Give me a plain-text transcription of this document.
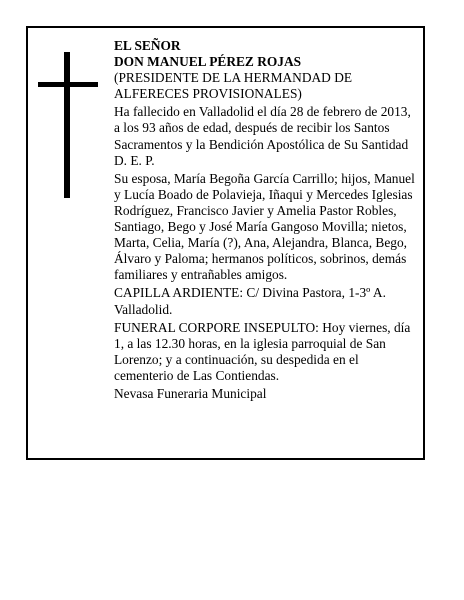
EL SEÑOR
DON MANUEL PÉREZ ROJAS
(PRESIDENTE DE LA HERMANDAD DE
ALFERECES PROVISIONALES)

Ha fallecido en Valladolid el día 28 de febrero de 2013, a los 93 años de edad, después de recibir los Santos Sacramentos y la Bendición Apostólica de Su Santidad D. E. P.

Su esposa, María Begoña García Carrillo; hijos, Manuel y Lucía Boado de Polavieja, Iñaqui y Mercedes Iglesias Rodríguez, Francisco Javier y Amelia Pastor Robles, Santiago, Bego y José María Gangoso Movilla; nietos, Marta, Celia, María (?), Ana, Alejandra, Blanca, Bego, Álvaro y Paloma; hermanos políticos, sobrinos, demás familiares y entrañables amigos.

CAPILLA ARDIENTE: C/ Divina Pastora, 1-3º A. Valladolid.

FUNERAL CORPORE INSEPULTO: Hoy viernes, día 1, a las 12.30 horas, en la iglesia parroquial de San Lorenzo; y a continuación, su despedida en el cementerio de Las Contiendas.

Nevasa Funeraria Municipal
